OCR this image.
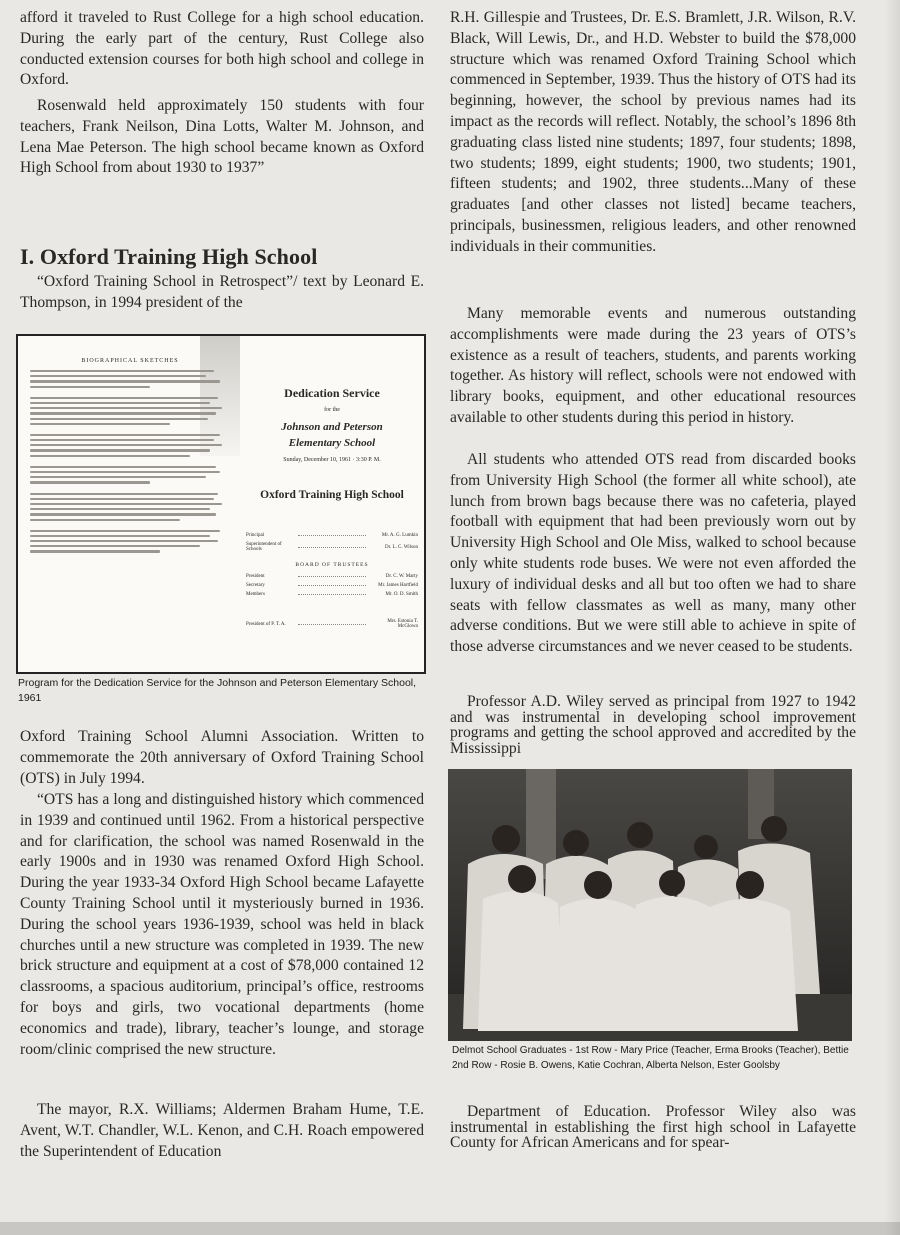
afford it traveled to Rust College for a high school education. During the early part of the century, Rust College also conducted extension courses for both high school and college in Oxford.

Rosenwald held approximately 150 students with four teachers, Frank Neilson, Dina Lotts, Walter M. Johnson, and Lena Mae Peterson. The high school became known as Oxford High School from about 1930 to 1937”

I. Oxford Training High School

“Oxford Training School in Retrospect”/ text by Leonard E. Thompson, in 1994 president of the

BIOGRAPHICAL SKETCHES
Dedication Service
for the
Johnson and Peterson
Elementary School
Sunday, December 10, 1961 · 3:30 P. M.
Oxford Training High School
Principal	Mr. A. G. Lumkin
Superintendent of Schools	Dr. L. C. Wilson
BOARD OF TRUSTEES
President	Dr. C. W. Marty
Secretary	Mr. James Hartfield
Members	Mr. O. D. Smith
President of P. T. A.	Mrs. Estonia T. McGlown

Program for the Dedication Service for the Johnson and Peterson Elementary School, 1961

Oxford Training School Alumni Association. Written to commemorate the 20th anniversary of Oxford Training School (OTS) in July 1994.

“OTS has a long and distinguished history which commenced in 1939 and continued until 1962. From a historical perspective and for clarification, the school was named Rosenwald in the early 1900s and in 1930 was renamed Oxford High School. During the year 1933-34 Oxford High School became Lafayette County Training School until it mysteriously burned in 1936. During the school years 1936-1939, school was held in black churches until a new structure was completed in 1939. The new brick structure and equipment at a cost of $78,000 contained 12 classrooms, a spacious auditorium, principal’s office, restrooms for boys and girls, two vocational departments (home economics and trade), library, teacher’s lounge, and storage room/clinic comprised the new structure.

The mayor, R.X. Williams; Aldermen Braham Hume, T.E. Avent, W.T. Chandler, W.L. Kenon, and C.H. Roach empowered the Superintendent of Education

R.H. Gillespie and Trustees, Dr. E.S. Bramlett, J.R. Wilson, R.V. Black, Will Lewis, Dr., and H.D. Webster to build the $78,000 structure which was renamed Oxford Training School which commenced in September, 1939. Thus the history of OTS had its beginning, however, the school by previous names had its impact as the records will reflect. Notably, the school’s 1896 8th graduating class listed nine students; 1897, four students; 1898, two students; 1899, eight students; 1900, two students; 1901, fifteen students; and 1902, three students...Many of these graduates [and other classes not listed] became teachers, principals, businessmen, religious leaders, and other renowned individuals in their communities.

Many memorable events and numerous outstanding accomplishments were made during the 23 years of OTS’s existence as a result of teachers, students, and parents working together. As history will reflect, schools were not endowed with library books, equipment, and other educational resources available to other students during this period in history.

All students who attended OTS read from discarded books from University High School (the former all white school), ate lunch from brown bags because there was no cafeteria, played football with equipment that had been previously worn out by University High School and Ole Miss, walked to school because only white students rode buses. We were not even afforded the luxury of individual desks and all but too often we had to share seats with fellow classmates as well as many, many other adverse conditions. But we were still able to achieve in spite of those adverse circumstances and we never ceased to be students.

Professor A.D. Wiley served as principal from 1927 to 1942 and was instrumental in developing school improvement programs and getting the school approved and accredited by the Mississippi

Delmot School Graduates - 1st Row - Mary Price (Teacher, Erma Brooks (Teacher), Bettie 2nd Row - Rosie B. Owens, Katie Cochran, Alberta Nelson, Ester Goolsby

Department of Education. Professor Wiley also was instrumental in establishing the first high school in Lafayette County for African Americans and for spear-
